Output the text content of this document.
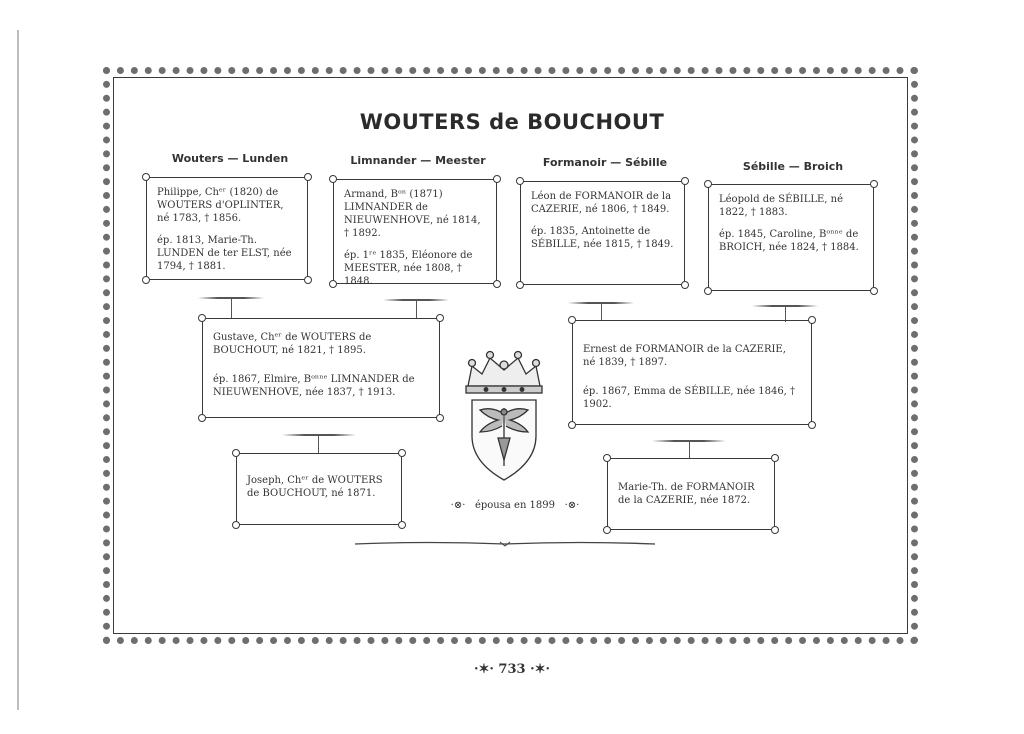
WOUTERS de BOUCHOUT
Wouters — Lunden	Limnander — Meester	Formanoir — Sébille	Sébille — Broich

Philippe, Chᵉʳ (1820) de WOUTERS d'OPLINTER, né 1783, † 1856.

ép. 1813, Marie-Th. LUNDEN de ter ELST, née 1794, † 1881.

Armand, Bᵒⁿ (1871) LIMNANDER de NIEUWENHOVE, né 1814, † 1892.

ép. 1ʳᵉ 1835, Eléonore de MEESTER, née 1808, † 1848.

Léon de FORMANOIR de la CAZERIE, né 1806, † 1849.

ép. 1835, Antoinette de SÉBILLE, née 1815, † 1849.

Léopold de SÉBILLE, né 1822, † 1883.

ép. 1845, Caroline, Bᵒⁿⁿᵉ de BROICH, née 1824, † 1884.

Gustave, Chᵉʳ de WOUTERS de BOUCHOUT, né 1821, † 1895.

ép. 1867, Elmire, Bᵒⁿⁿᵉ LIMNANDER de NIEUWENHOVE, née 1837, † 1913.

Ernest de FORMANOIR de la CAZERIE, né 1839, † 1897.

ép. 1867, Emma de SÉBILLE, née 1846, † 1902.

Joseph, Chᵉʳ de WOUTERS de BOUCHOUT, né 1871.

Marie-Th. de FORMANOIR de la CAZERIE, née 1872.

·⊗· épousa en 1899 ·⊗·
·✶· 733 ·✶·
